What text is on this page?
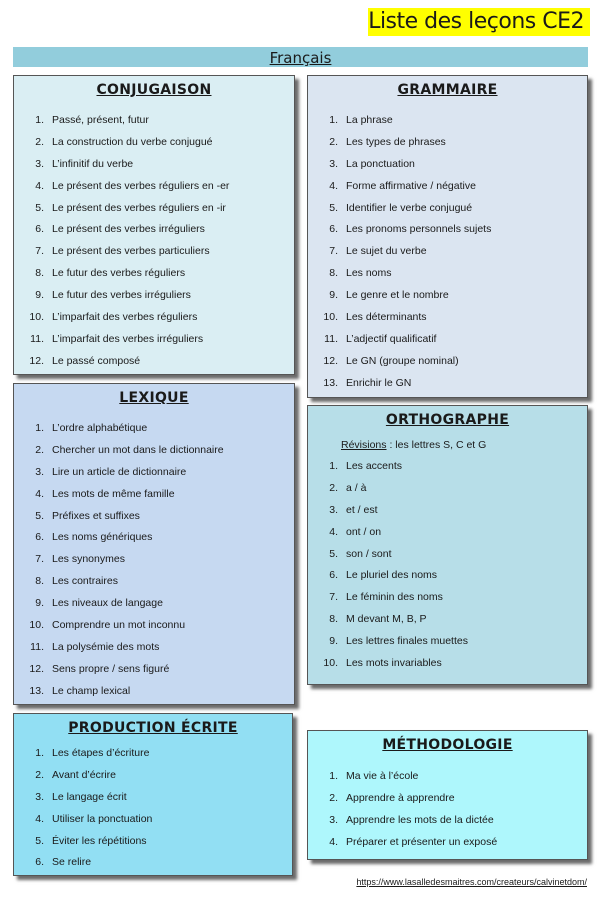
Liste des leçons CE2
Français
CONJUGAISON
1. Passé, présent, futur
2. La construction du verbe conjugué
3. L’infinitif du verbe
4. Le présent des verbes réguliers en -er
5. Le présent des verbes réguliers en -ir
6. Le présent des verbes irréguliers
7. Le présent des verbes particuliers
8. Le futur des verbes réguliers
9. Le futur des verbes irréguliers
10. L’imparfait des verbes réguliers
11. L’imparfait des verbes irréguliers
12. Le passé composé
GRAMMAIRE
1. La phrase
2. Les types de phrases
3. La ponctuation
4. Forme affirmative / négative
5. Identifier le verbe conjugué
6. Les pronoms personnels sujets
7. Le sujet du verbe
8. Les noms
9. Le genre et le nombre
10. Les déterminants
11. L’adjectif qualificatif
12. Le GN (groupe nominal)
13. Enrichir le GN
LEXIQUE
1. L’ordre alphabétique
2. Chercher un mot dans le dictionnaire
3. Lire un article de dictionnaire
4. Les mots de même famille
5. Préfixes et suffixes
6. Les noms génériques
7. Les synonymes
8. Les contraires
9. Les niveaux de langage
10. Comprendre un mot inconnu
11. La polysémie des mots
12. Sens propre / sens figuré
13. Le champ lexical
ORTHOGRAPHE
Révisions : les lettres S, C et G
1. Les accents
2. a / à
3. et / est
4. ont / on
5. son / sont
6. Le pluriel des noms
7. Le féminin des noms
8. M devant M, B, P
9. Les lettres finales muettes
10. Les mots invariables
PRODUCTION ÉCRITE
1. Les étapes d’écriture
2. Avant d’écrire
3. Le langage écrit
4. Utiliser la ponctuation
5. Éviter les répétitions
6. Se relire
MÉTHODOLOGIE
1. Ma vie à l’école
2. Apprendre à apprendre
3. Apprendre les mots de la dictée
4. Préparer et présenter un exposé
https://www.lasalledesmaitres.com/createurs/calvinetdom/
